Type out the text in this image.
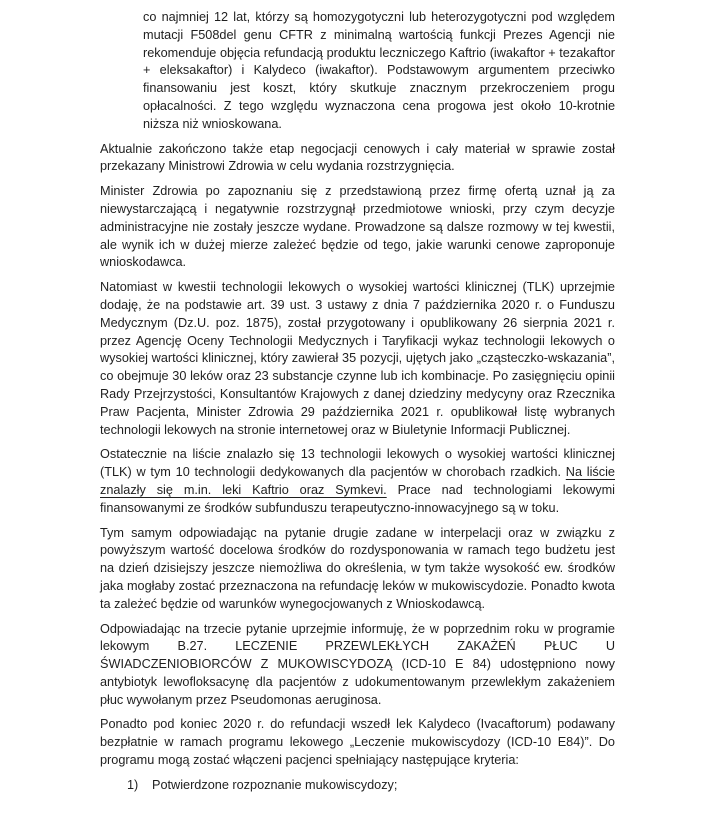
co najmniej 12 lat, którzy są homozygotyczni lub heterozygotyczni pod względem mutacji F508del genu CFTR z minimalną wartością funkcji Prezes Agencji nie rekomenduje objęcia refundacją produktu leczniczego Kaftrio (iwakaftor + tezakaftor + eleksakaftor) i Kalydeco (iwakaftor). Podstawowym argumentem przeciwko finansowaniu jest koszt, który skutkuje znacznym przekroczeniem progu opłacalności. Z tego względu wyznaczona cena progowa jest około 10-krotnie niższa niż wnioskowana.

Aktualnie zakończono także etap negocjacji cenowych i cały materiał w sprawie został przekazany Ministrowi Zdrowia w celu wydania rozstrzygnięcia.

Minister Zdrowia po zapoznaniu się z przedstawioną przez firmę ofertą uznał ją za niewystarczającą i negatywnie rozstrzygnął przedmiotowe wnioski, przy czym decyzje administracyjne nie zostały jeszcze wydane. Prowadzone są dalsze rozmowy w tej kwestii, ale wynik ich w dużej mierze zależeć będzie od tego, jakie warunki cenowe zaproponuje wnioskodawca.

Natomiast w kwestii technologii lekowych o wysokiej wartości klinicznej (TLK) uprzejmie dodaję, że na podstawie art. 39 ust. 3 ustawy z dnia 7 października 2020 r. o Funduszu Medycznym (Dz.U. poz. 1875), został przygotowany i opublikowany 26 sierpnia 2021 r. przez Agencję Oceny Technologii Medycznych i Taryfikacji wykaz technologii lekowych o wysokiej wartości klinicznej, który zawierał 35 pozycji, ujętych jako „cząsteczko-wskazania”, co obejmuje 30 leków oraz 23 substancje czynne lub ich kombinacje. Po zasięgnięciu opinii Rady Przejrzystości, Konsultantów Krajowych z danej dziedziny medycyny oraz Rzecznika Praw Pacjenta, Minister Zdrowia 29 października 2021 r. opublikował listę wybranych technologii lekowych na stronie internetowej oraz w Biuletynie Informacji Publicznej.

Ostatecznie na liście znalazło się 13 technologii lekowych o wysokiej wartości klinicznej (TLK) w tym 10 technologii dedykowanych dla pacjentów w chorobach rzadkich. Na liście znalazły się m.in. leki Kaftrio oraz Symkevi. Prace nad technologiami lekowymi finansowanymi ze środków subfunduszu terapeutyczno-innowacyjnego są w toku.

Tym samym odpowiadając na pytanie drugie zadane w interpelacji oraz w związku z powyższym wartość docelowa środków do rozdysponowania w ramach tego budżetu jest na dzień dzisiejszy jeszcze niemożliwa do określenia, w tym także wysokość ew. środków jaka mogłaby zostać przeznaczona na refundację leków w mukowiscydozie. Ponadto kwota ta zależeć będzie od warunków wynegocjowanych z Wnioskodawcą.

Odpowiadając na trzecie pytanie uprzejmie informuję, że w poprzednim roku w programie lekowym B.27. LECZENIE PRZEWLEKŁYCH ZAKAŻEŃ PŁUC U ŚWIADCZENIOBIORCÓW Z MUKOWISCYDOZĄ (ICD-10 E 84) udostępniono nowy antybiotyk lewofloksacynę dla pacjentów z udokumentowanym przewlekłym zakażeniem płuc wywołanym przez Pseudomonas aeruginosa.

Ponadto pod koniec 2020 r. do refundacji wszedł lek Kalydeco (Ivacaftorum) podawany bezpłatnie w ramach programu lekowego „Leczenie mukowiscydozy (ICD-10 E84)”. Do programu mogą zostać włączeni pacjenci spełniający następujące kryteria:

1)	Potwierdzone rozpoznanie mukowiscydozy;
